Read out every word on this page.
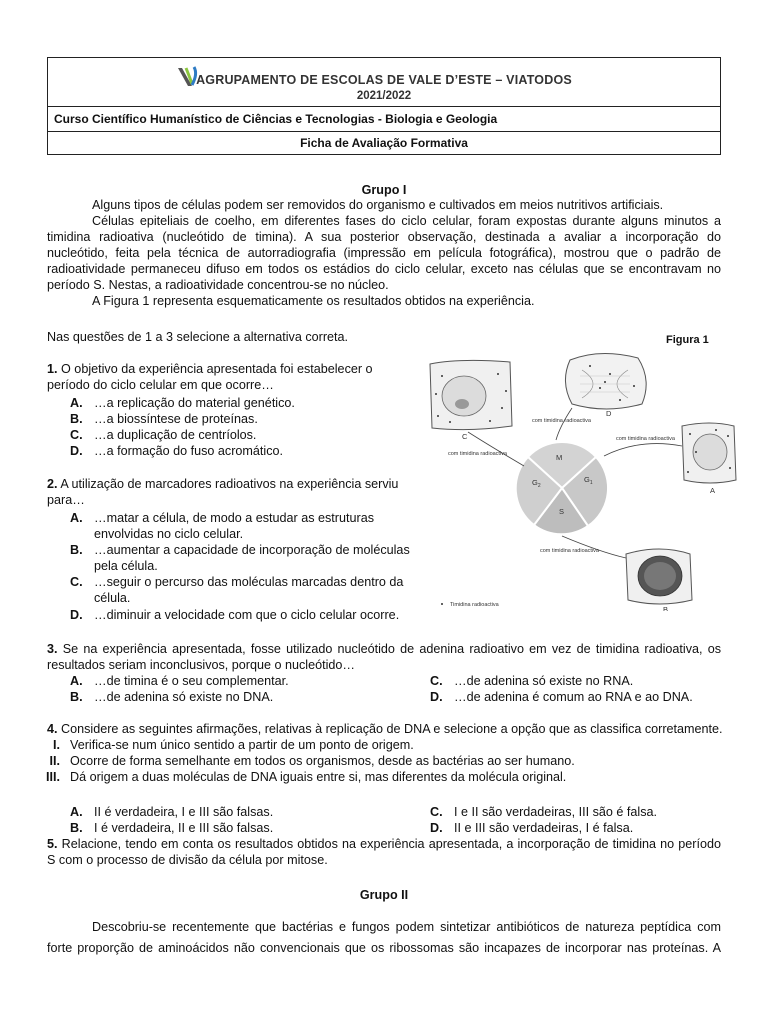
AGRUPAMENTO DE ESCOLAS DE VALE D’ESTE – VIATODOS
2021/2022
Curso Científico Humanístico de Ciências e Tecnologias - Biologia e Geologia
Ficha de Avaliação Formativa
Grupo I
Alguns tipos de células podem ser removidos do organismo e cultivados em meios nutritivos artificiais.
Células epiteliais de coelho, em diferentes fases do ciclo celular, foram expostas durante alguns minutos a
timidina radioativa (nucleótido de timina). A sua posterior observação, destinada a avaliar a incorporação do
nucleótido, feita pela técnica de autorradiografia (impressão em película fotográfica), mostrou que o padrão de
radioatividade permaneceu difuso em todos os estádios do ciclo celular, exceto nas células que se encontravam no
período S. Nestas, a radioatividade concentrou-se no núcleo.
A Figura 1 representa esquematicamente os resultados obtidos na experiência.
Nas questões de 1 a 3 selecione a alternativa correta.
1. O objetivo da experiência apresentada foi estabelecer o
período do ciclo celular em que ocorre…
A. …a replicação do material genético.
B. …a biossíntese de proteínas.
C. …a duplicação de centríolos.
D. …a formação do fuso acromático.
2. A utilização de marcadores radioativos na experiência serviu
para…
A. …matar a célula, de modo a estudar as estruturas
envolvidas no ciclo celular.
B. …aumentar a capacidade de incorporação de moléculas
pela célula.
C. …seguir o percurso das moléculas marcadas dentro da
célula.
D. …diminuir a velocidade com que o ciclo celular ocorre.
Figura 1
M
$G_1$
S
$G_2$
C
D
A
B
com timidina radioactiva
com timidina radioactiva
com timidina radioactiva
com timidina radioactiva
Timidina radioactiva
3. Se na experiência apresentada, fosse utilizado nucleótido de adenina radioativo em vez de timidina radioativa, os
resultados seriam inconclusivos, porque o nucleótido…
A. …de timina é o seu complementar.
B. …de adenina só existe no DNA.
C. …de adenina só existe no RNA.
D. …de adenina é comum ao RNA e ao DNA.
4. Considere as seguintes afirmações, relativas à replicação de DNA e selecione a opção que as classifica corretamente.
I. Verifica-se num único sentido a partir de um ponto de origem.
II. Ocorre de forma semelhante em todos os organismos, desde as bactérias ao ser humano.
III. Dá origem a duas moléculas de DNA iguais entre si, mas diferentes da molécula original.
A. II é verdadeira, I e III são falsas.
B. I é verdadeira, II e III são falsas.
C. I e II são verdadeiras, III são é falsa.
D. II e III são verdadeiras, I é falsa.
5. Relacione, tendo em conta os resultados obtidos na experiência apresentada, a incorporação de timidina no período
S com o processo de divisão da célula por mitose.
Grupo II
Descobriu-se recentemente que bactérias e fungos podem sintetizar antibióticos de natureza peptídica com
forte proporção de aminoácidos não convencionais que os ribossomas são incapazes de incorporar nas proteínas. A
